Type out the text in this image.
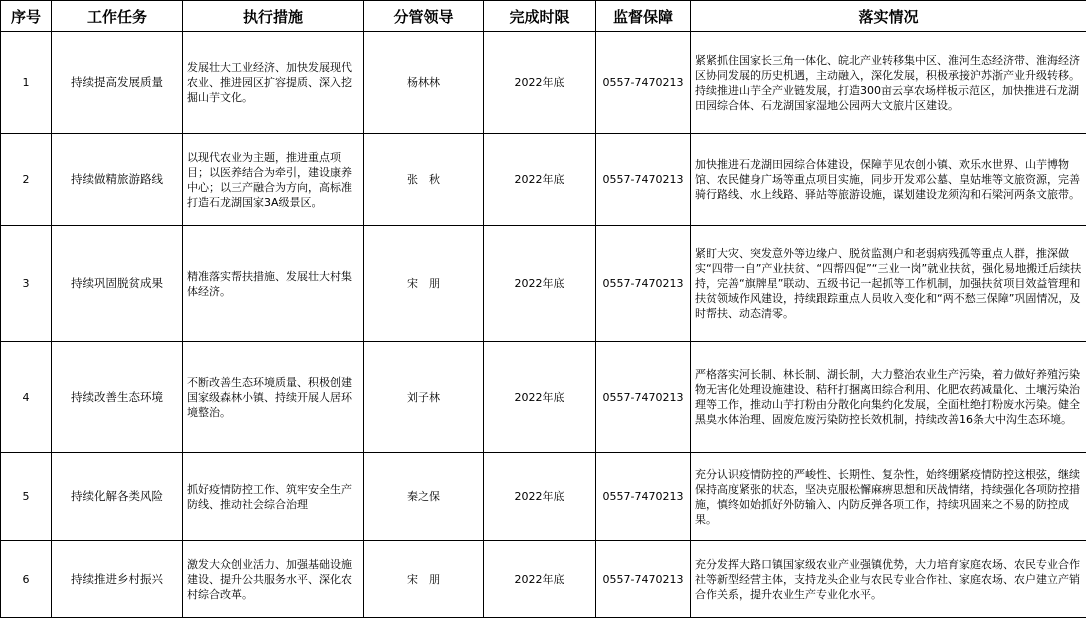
序号	工作任务	执行措施	分管领导	完成时限	监督保障	落实情况
1	持续提高发展质量	发展壮大工业经济、加快发展现代农业、推进园区扩容提质、深入挖掘山芋文化。	杨林林	2022年底	0557-7470213	紧紧抓住国家长三角一体化、皖北产业转移集中区、淮河生态经济带、淮海经济区协同发展的历史机遇，主动融入，深化发展，积极承接沪苏浙产业升级转移。持续推进山芋全产业链发展，打造300亩云享农场样板示范区，加快推进石龙湖田园综合体、石龙湖国家湿地公园两大文旅片区建设。
2	持续做精旅游路线	以现代农业为主题，推进重点项目；以医养结合为牵引，建设康养中心；以三产融合为方向，高标准打造石龙湖国家3A级景区。	张　秋	2022年底	0557-7470213	加快推进石龙湖田园综合体建设，保障芋见农创小镇、欢乐水世界、山芋博物馆、农民健身广场等重点项目实施，同步开发邓公墓、皇姑堆等文旅资源，完善骑行路线、水上线路、驿站等旅游设施，谋划建设龙须沟和石梁河两条文旅带。
3	持续巩固脱贫成果	精准落实帮扶措施、发展壮大村集体经济。	宋　朋	2022年底	0557-7470213	紧盯大灾、突发意外等边缘户、脱贫监测户和老弱病残孤等重点人群，推深做实“四带一自”产业扶贫、“四帮四促”“三业一岗”就业扶贫，强化易地搬迁后续扶持，完善“旗牌星”联动、五级书记一起抓等工作机制，加强扶贫项目效益管理和扶贫领域作风建设，持续跟踪重点人员收入变化和“两不愁三保障”巩固情况，及时帮扶、动态清零。
4	持续改善生态环境	不断改善生态环境质量、积极创建国家级森林小镇、持续开展人居环境整治。	刘子林	2022年底	0557-7470213	严格落实河长制、林长制、湖长制，大力整治农业生产污染，着力做好养殖污染物无害化处理设施建设、秸秆打捆离田综合利用、化肥农药减量化、土壤污染治理等工作，推动山芋打粉由分散化向集约化发展，全面杜绝打粉废水污染。健全黑臭水体治理、固废危废污染防控长效机制，持续改善16条大中沟生态环境。
5	持续化解各类风险	抓好疫情防控工作、筑牢安全生产防线、推动社会综合治理	秦之保	2022年底	0557-7470213	充分认识疫情防控的严峻性、长期性、复杂性，始终绷紧疫情防控这根弦，继续保持高度紧张的状态，坚决克服松懈麻痹思想和厌战情绪，持续强化各项防控措施，慎终如始抓好外防输入、内防反弹各项工作，持续巩固来之不易的防控成果。
6	持续推进乡村振兴	激发大众创业活力、加强基础设施建设、提升公共服务水平、深化农村综合改革。	宋　朋	2022年底	0557-7470213	充分发挥大路口镇国家级农业产业强镇优势，大力培育家庭农场、农民专业合作社等新型经营主体，支持龙头企业与农民专业合作社、家庭农场、农户建立产销合作关系，提升农业生产专业化水平。
